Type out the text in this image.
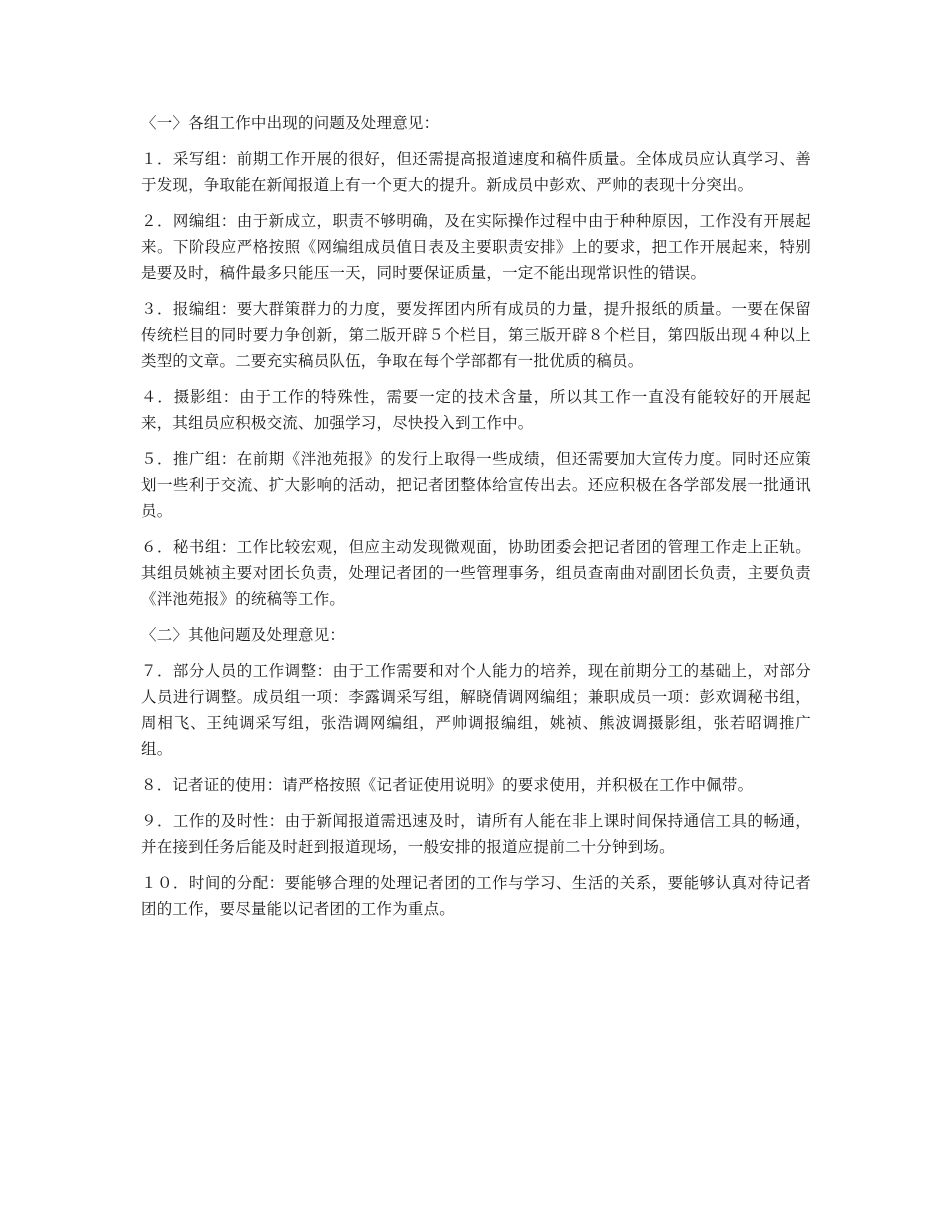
〈一〉各组工作中出现的问题及处理意见：

１．采写组：前期工作开展的很好，但还需提高报道速度和稿件质量。全体成员应认真学习、善于发现，争取能在新闻报道上有一个更大的提升。新成员中彭欢、严帅的表现十分突出。

２．网编组：由于新成立，职责不够明确，及在实际操作过程中由于种种原因，工作没有开展起来。下阶段应严格按照《网编组成员值日表及主要职责安排》上的要求，把工作开展起来，特别是要及时，稿件最多只能压一天，同时要保证质量，一定不能出现常识性的错误。

３．报编组：要大群策群力的力度，要发挥团内所有成员的力量，提升报纸的质量。一要在保留传统栏目的同时要力争创新，第二版开辟５个栏目，第三版开辟８个栏目，第四版出现４种以上类型的文章。二要充实稿员队伍，争取在每个学部都有一批优质的稿员。

４．摄影组：由于工作的特殊性，需要一定的技术含量，所以其工作一直没有能较好的开展起来，其组员应积极交流、加强学习，尽快投入到工作中。

５．推广组：在前期《泮池苑报》的发行上取得一些成绩，但还需要加大宣传力度。同时还应策划一些利于交流、扩大影响的活动，把记者团整体给宣传出去。还应积极在各学部发展一批通讯员。

６．秘书组：工作比较宏观，但应主动发现微观面，协助团委会把记者团的管理工作走上正轨。其组员姚祯主要对团长负责，处理记者团的一些管理事务，组员查南曲对副团长负责，主要负责《泮池苑报》的统稿等工作。

〈二〉其他问题及处理意见：

７．部分人员的工作调整：由于工作需要和对个人能力的培养，现在前期分工的基础上，对部分人员进行调整。成员组一项：李露调采写组，解晓倩调网编组；兼职成员一项：彭欢调秘书组，周相飞、王纯调采写组，张浩调网编组，严帅调报编组，姚祯、熊波调摄影组，张若昭调推广组。

８．记者证的使用：请严格按照《记者证使用说明》的要求使用，并积极在工作中佩带。

９．工作的及时性：由于新闻报道需迅速及时，请所有人能在非上课时间保持通信工具的畅通，并在接到任务后能及时赶到报道现场，一般安排的报道应提前二十分钟到场。

１０．时间的分配：要能够合理的处理记者团的工作与学习、生活的关系，要能够认真对待记者团的工作，要尽量能以记者团的工作为重点。
